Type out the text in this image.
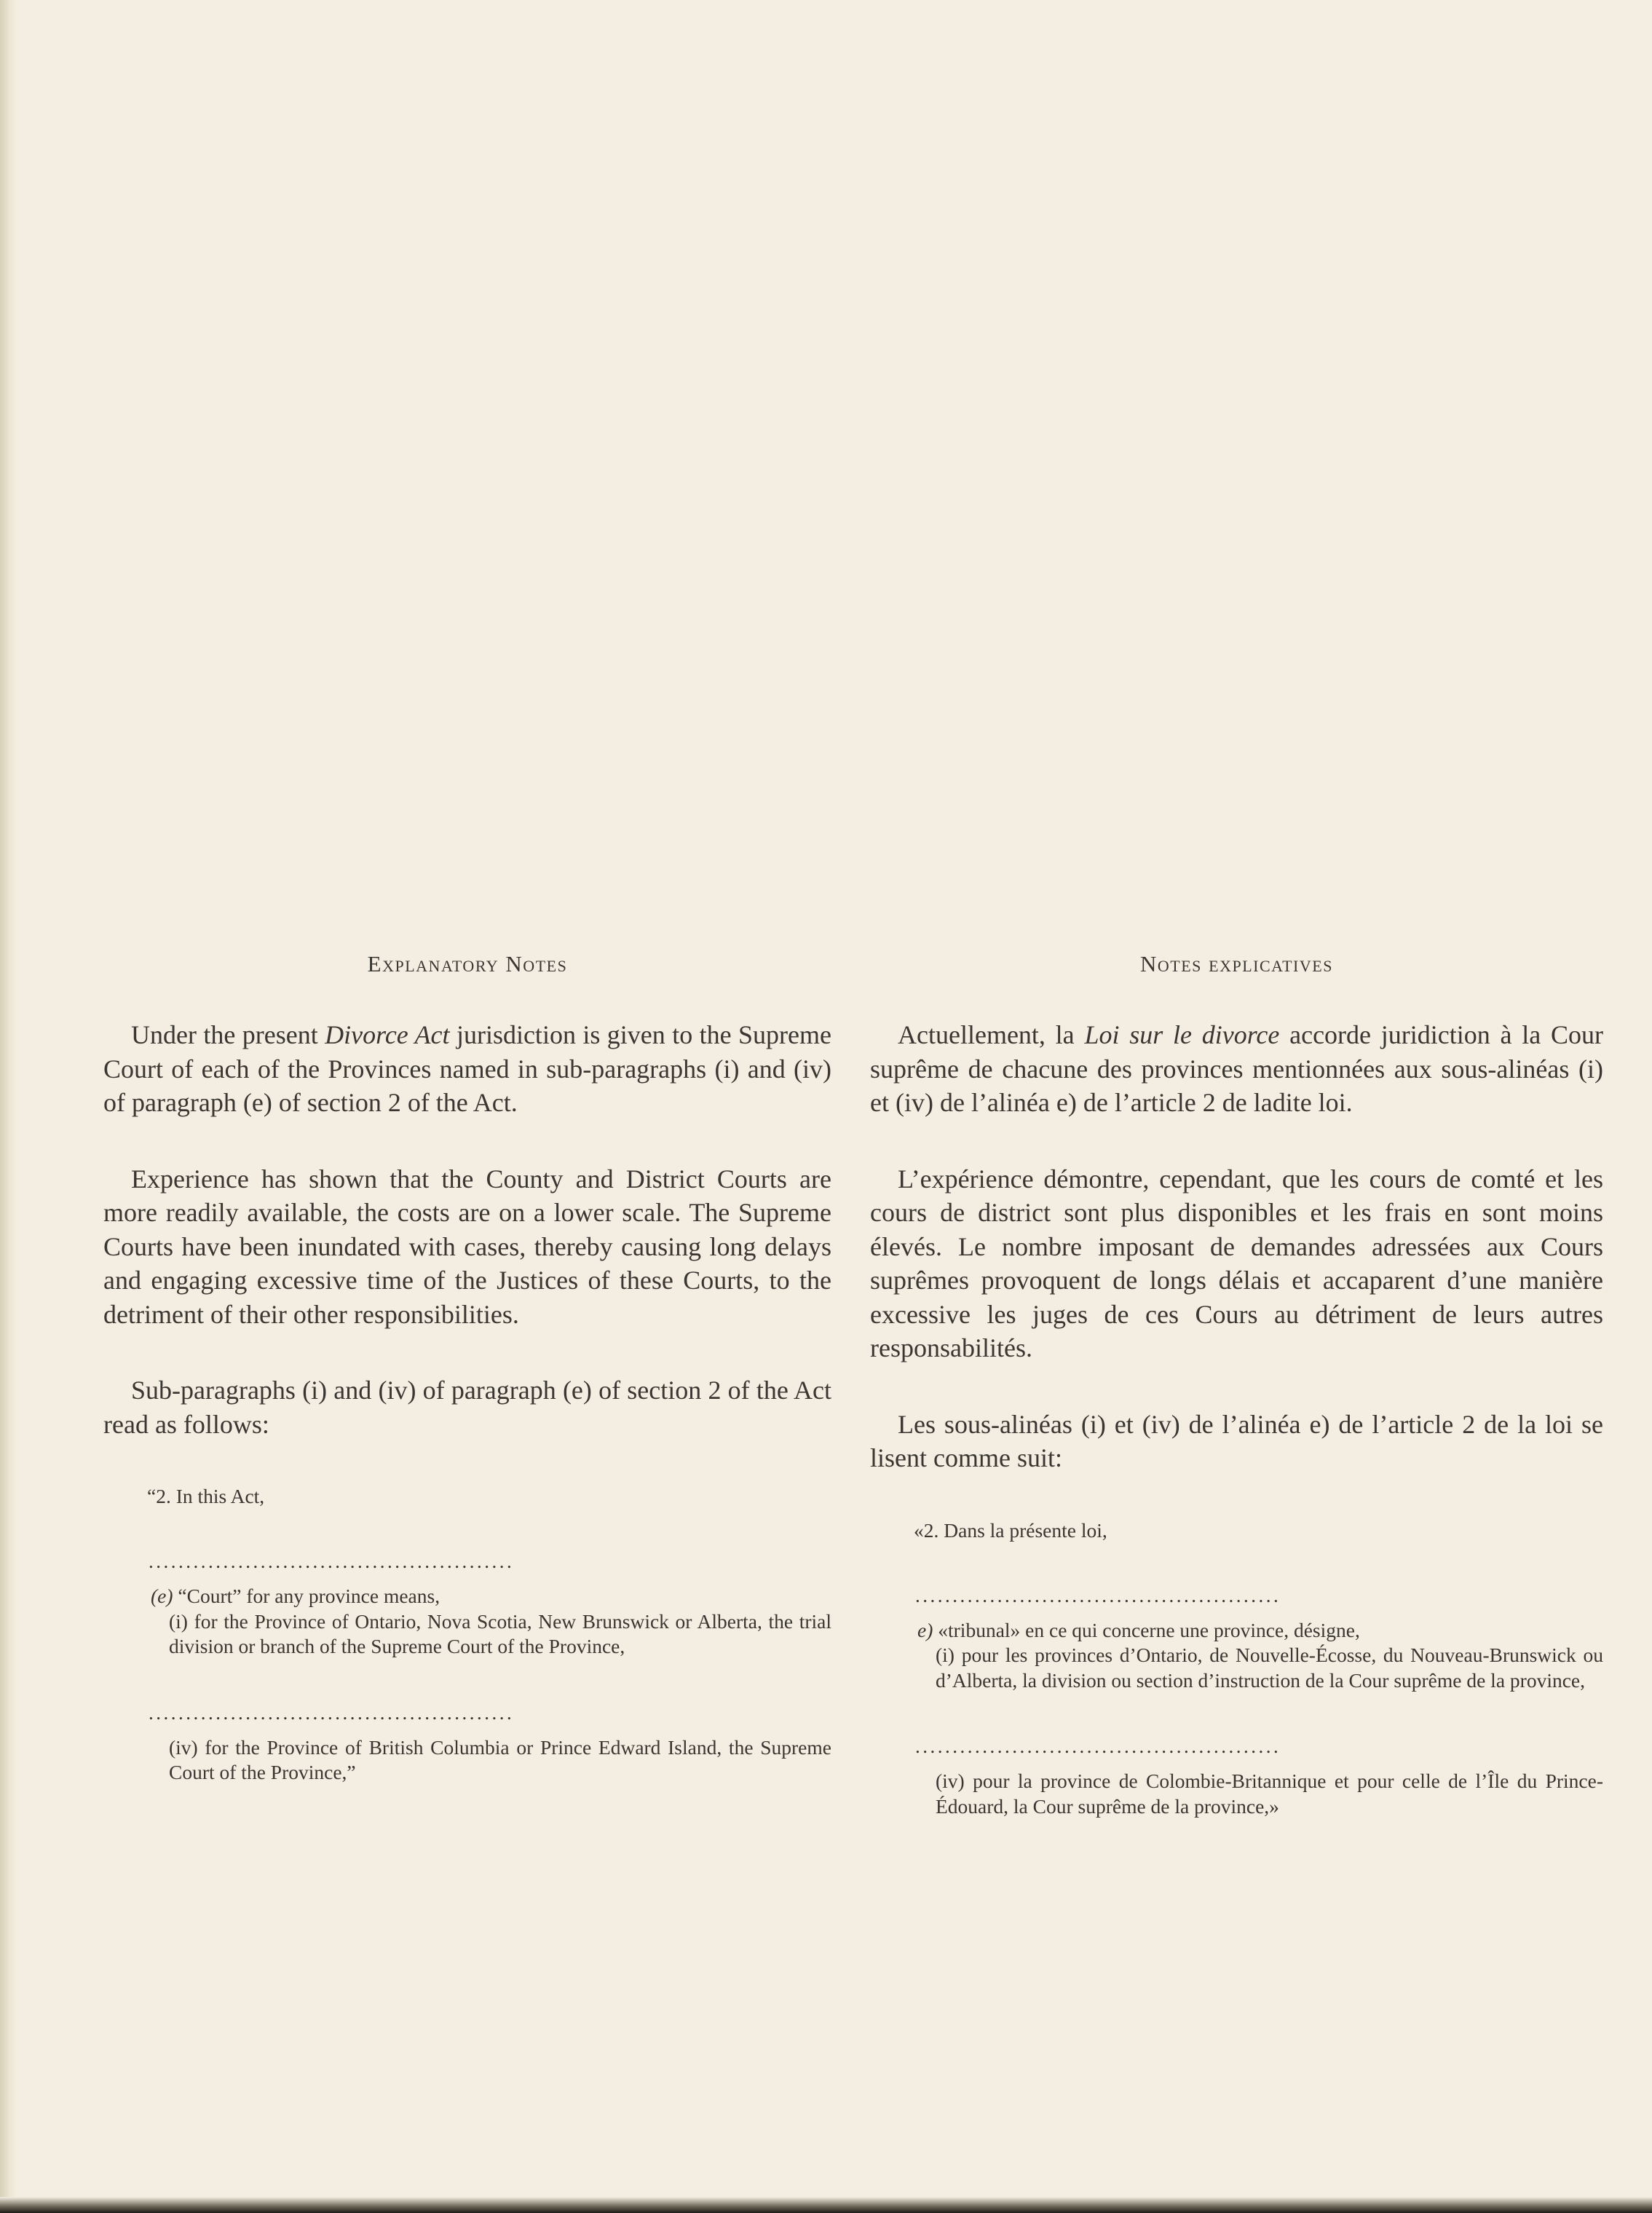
Explanatory Notes

Under the present Divorce Act jurisdiction is given to the Supreme Court of each of the Provinces named in sub-paragraphs (i) and (iv) of paragraph (e) of section 2 of the Act.

Experience has shown that the County and District Courts are more readily available, the costs are on a lower scale. The Supreme Courts have been inundated with cases, thereby causing long delays and engaging excessive time of the Justices of these Courts, to the detriment of their other responsibilities.

Sub-paragraphs (i) and (iv) of paragraph (e) of section 2 of the Act read as follows:

“2. In this Act,

.................................................
(e) “Court” for any province means,
(i) for the Province of Ontario, Nova Scotia, New Brunswick or Alberta, the trial division or branch of the Supreme Court of the Province,
.................................................
(iv) for the Province of British Columbia or Prince Edward Island, the Supreme Court of the Province,”
Notes explicatives

Actuellement, la Loi sur le divorce accorde juridiction à la Cour suprême de chacune des provinces mentionnées aux sous-alinéas (i) et (iv) de l’alinéa e) de l’article 2 de ladite loi.

L’expérience démontre, cependant, que les cours de comté et les cours de district sont plus disponibles et les frais en sont moins élevés. Le nombre imposant de demandes adressées aux Cours suprêmes provoquent de longs délais et accaparent d’une manière excessive les juges de ces Cours au détriment de leurs autres responsabilités.

Les sous-alinéas (i) et (iv) de l’alinéa e) de l’article 2 de la loi se lisent comme suit:

«2. Dans la présente loi,

.................................................
e) «tribunal» en ce qui concerne une province, désigne,
(i) pour les provinces d’Ontario, de Nouvelle-Écosse, du Nouveau-Brunswick ou d’Alberta, la division ou section d’instruction de la Cour suprême de la province,
.................................................
(iv) pour la province de Colombie-Britannique et pour celle de l’Île du Prince-Édouard, la Cour suprême de la province,»
